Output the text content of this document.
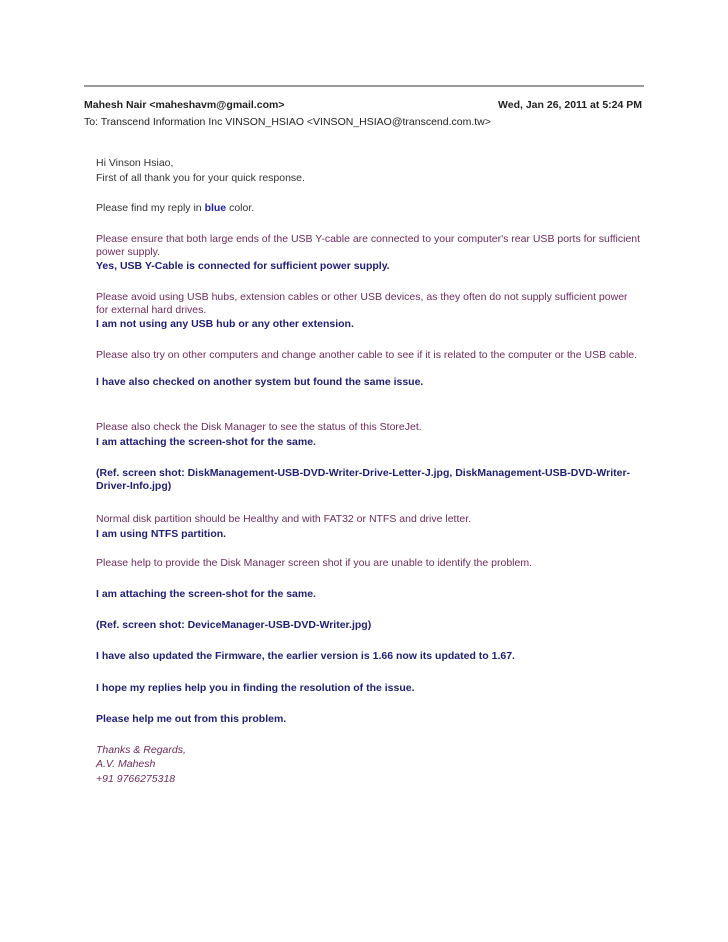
Mahesh Nair <maheshavm@gmail.com>	Wed, Jan 26, 2011 at 5:24 PM
To: Transcend Information Inc VINSON_HSIAO <VINSON_HSIAO@transcend.com.tw>
Hi Vinson Hsiao,
First of all thank you for your quick response.
Please find my reply in blue color.
Please ensure that both large ends of the USB Y-cable are connected to your computer's rear USB ports for sufficient power supply.
Yes, USB Y-Cable is connected for sufficient power supply.
Please avoid using USB hubs, extension cables or other USB devices, as they often do not supply sufficient power for external hard drives.
I am not using any USB hub or any other extension.
Please also try on other computers and change another cable to see if it is related to the computer or the USB cable.
I have also checked on another system but found the same issue.
Please also check the Disk Manager to see the status of this StoreJet.
I am attaching the screen-shot for the same.
(Ref. screen shot: DiskManagement-USB-DVD-Writer-Drive-Letter-J.jpg, DiskManagement-USB-DVD-Writer-Driver-Info.jpg)
Normal disk partition should be Healthy and with FAT32 or NTFS and drive letter.
I am using NTFS partition.
Please help to provide the Disk Manager screen shot if you are unable to identify the problem.
I am attaching the screen-shot for the same.
(Ref. screen shot: DeviceManager-USB-DVD-Writer.jpg)
I have also updated the Firmware, the earlier version is 1.66 now its updated to 1.67.
I hope my replies help you in finding the resolution of the issue.
Please help me out from this problem.
Thanks & Regards,
A.V. Mahesh
+91 9766275318
